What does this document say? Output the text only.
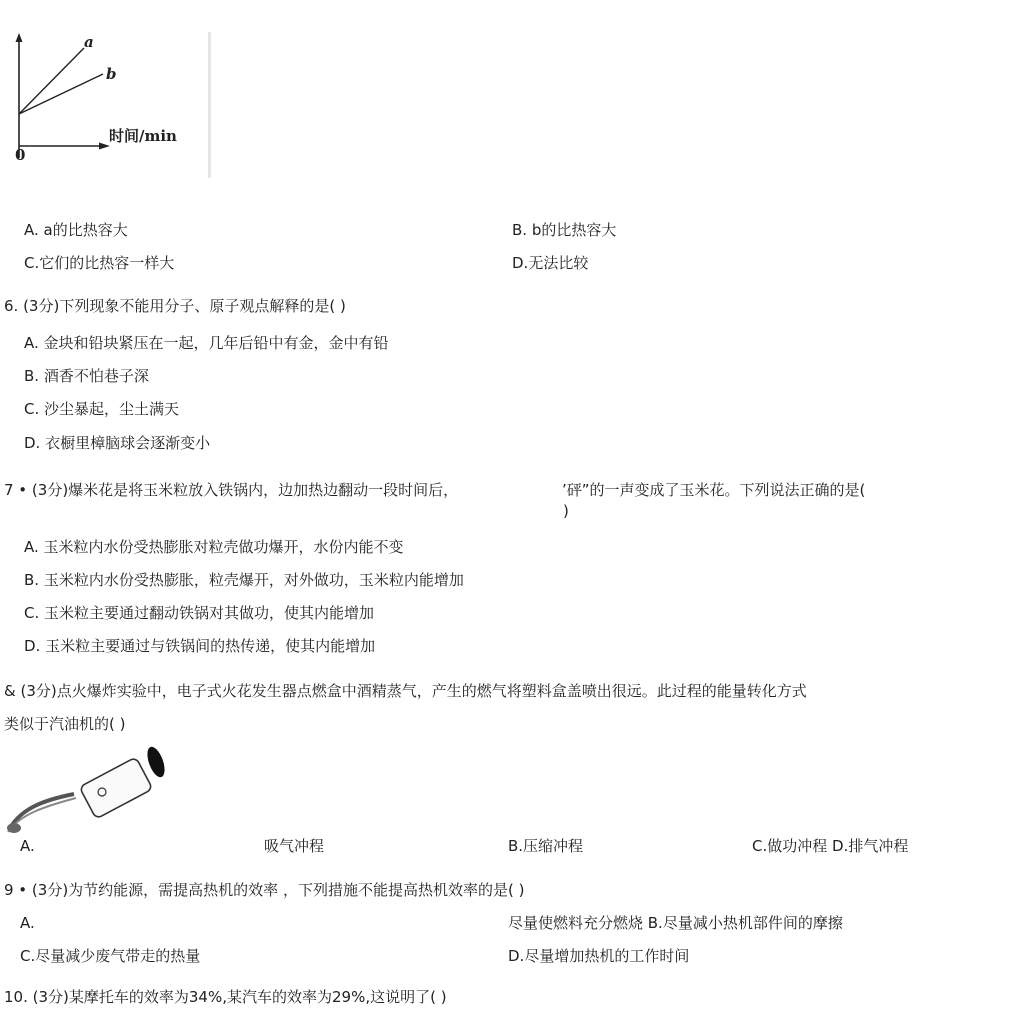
a
b
时间/min
0
A. a的比热容大	B. b的比热容大
C.它们的比热容一样大	D.无法比较
6. (3分)下列现象不能用分子、原子观点解释的是( )
A. 金块和铅块紧压在一起，几年后铅中有金，金中有铅
B. 酒香不怕巷子深
C. 沙尘暴起，尘土满天
D. 衣橱里樟脑球会逐渐变小
7 • (3分)爆米花是将玉米粒放入铁锅内，边加热边翻动一段时间后，	’砰”的一声变成了玉米花。下列说法正确的是(
)
A. 玉米粒内水份受热膨胀对粒壳做功爆开，水份内能不变
B. 玉米粒内水份受热膨胀，粒壳爆开，对外做功，玉米粒内能增加
C. 玉米粒主要通过翻动铁锅对其做功，使其内能增加
D. 玉米粒主要通过与铁锅间的热传递，使其内能增加
& (3分)点火爆炸实验中，电子式火花发生器点燃盒中酒精蒸气，产生的燃气将塑料盒盖喷出很远。此过程的能量转化方式
类似于汽油机的( )
A.	吸气冲程	B.压缩冲程	C.做功冲程 D.排气冲程
9 • (3分)为节约能源，需提高热机的效率 ，下列措施不能提高热机效率的是( )
A.	尽量使燃料充分燃烧 B.尽量减小热机部件间的摩擦
C.尽量减少废气带走的热量	D.尽量增加热机的工作时间
10. (3分)某摩托车的效率为34%,某汽车的效率为29%,这说明了( )
